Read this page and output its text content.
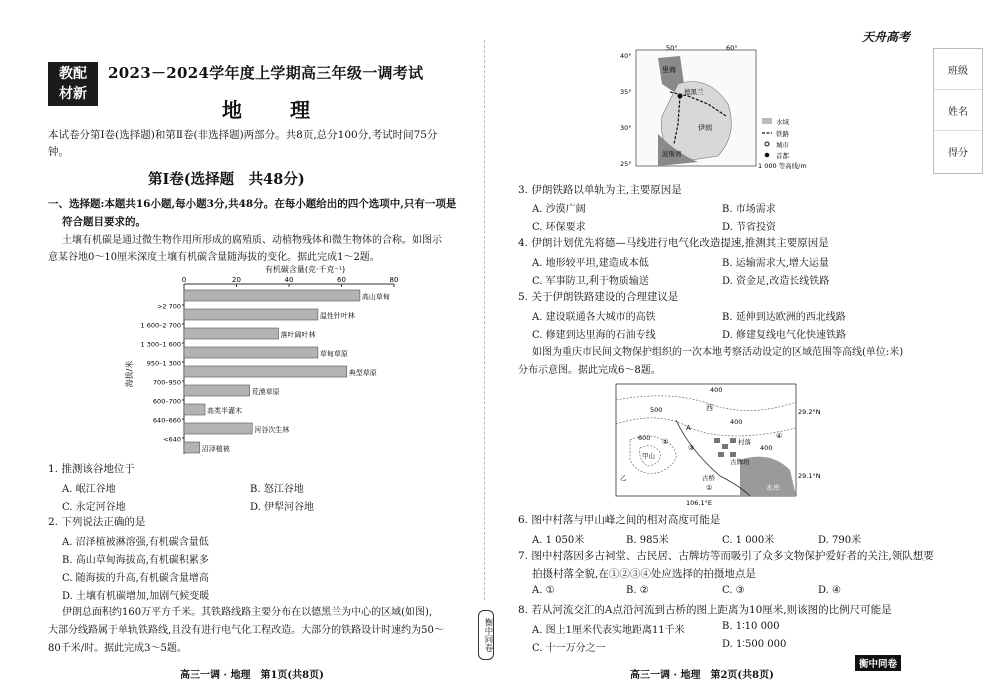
教配
材新
2023－2024学年度上学期高三年级一调考试
地　理
本试卷分第Ⅰ卷(选择题)和第Ⅱ卷(非选择题)两部分。共8页,总分100分,考试时间75分钟。
第Ⅰ卷(选择题　共48分)
一、选择题:本题共16小题,每小题3分,共48分。在每小题给出的四个选项中,只有一项是
符合题目要求的。
土壤有机碳是通过微生物作用所形成的腐殖质、动植物残体和微生物体的合称。如图示
意某谷地0～10厘米深度土壤有机碳含量随海拔的变化。据此完成1～2题。
有机碳含量(克·千克⁻¹)
0	20	40	60	80
海拔/米
>2 700
1 600–2 700
1 300–1 600
950–1 300
700–950
600–700
640–660
<640
高山草甸
温性针叶林
落叶阔叶林
草甸草原
典型草原
荒漠草原
高类半灌木
河谷次生林
沼泽植被
1. 推测该谷地位于
A. 岷江谷地	B. 怒江谷地
C. 永定河谷地	D. 伊犁河谷地
2. 下列说法正确的是
A. 沼泽植被淋溶强,有机碳含量低
B. 高山草甸海拔高,有机碳积累多
C. 随海拔的升高,有机碳含量增高
D. 土壤有机碳增加,加剧气候变暖
伊朗总面积约160万平方千米。其铁路线路主要分布在以德黑兰为中心的区域(如图),
大部分线路属于单轨铁路线,且没有进行电气化工程改造。大部分的铁路设计时速约为50～
80千米/时。据此完成3～5题。
高三一调 · 地理　第1页(共8页)
衡中同卷
天舟高考
班级
姓名
得分
里海
德黑兰
伊朗
波斯湾
50°	60°
40°
35°
30°
25°
水域
铁路
城市
首都
1 000 等高线/m
3. 伊朗铁路以单轨为主,主要原因是
A. 沙漠广阔	B. 市场需求
C. 环保要求	D. 节省投资
4. 伊朗计划优先将德—马线进行电气化改造提速,推测其主要原因是
A. 地形较平坦,建造成本低	B. 运输需求大,增大运量
C. 军事防卫,利于物质输送	D. 资金足,改造长线铁路
5. 关于伊朗铁路建设的合理建议是
A. 建设联通各大城市的高铁	B. 延伸到达欧洲的西北线路
C. 修建到达里海的石油专线	D. 修建复线电气化快速铁路
如图为重庆市民间文物保护组织的一次本地考察活动设定的区域范围等高线(单位:米)
分布示意图。据此完成6～8题。
400
500
600
400
400
西
A
村落
古牌坊
古桥
甲山
水库
乙
29.2°N
29.1°N
106.1°E
②
③
④
①
6. 图中村落与甲山峰之间的相对高度可能是
A. 1 050米	B. 985米	C. 1 000米	D. 790米
7. 图中村落因多古祠堂、古民居、古牌坊等而吸引了众多文物保护爱好者的关注,领队想要
拍摄村落全貌,在①②③④处应选择的拍摄地点是
A. ①	B. ②	C. ③	D. ④
8. 若从河流交汇的A点沿河流到古桥的图上距离为10厘米,则该图的比例尺可能是
A. 图上1厘米代表实地距离11千米	B. 1∶10 000
C. 十一万分之一	D. 1∶500 000
高三一调 · 地理　第2页(共8页)
衡中同卷
